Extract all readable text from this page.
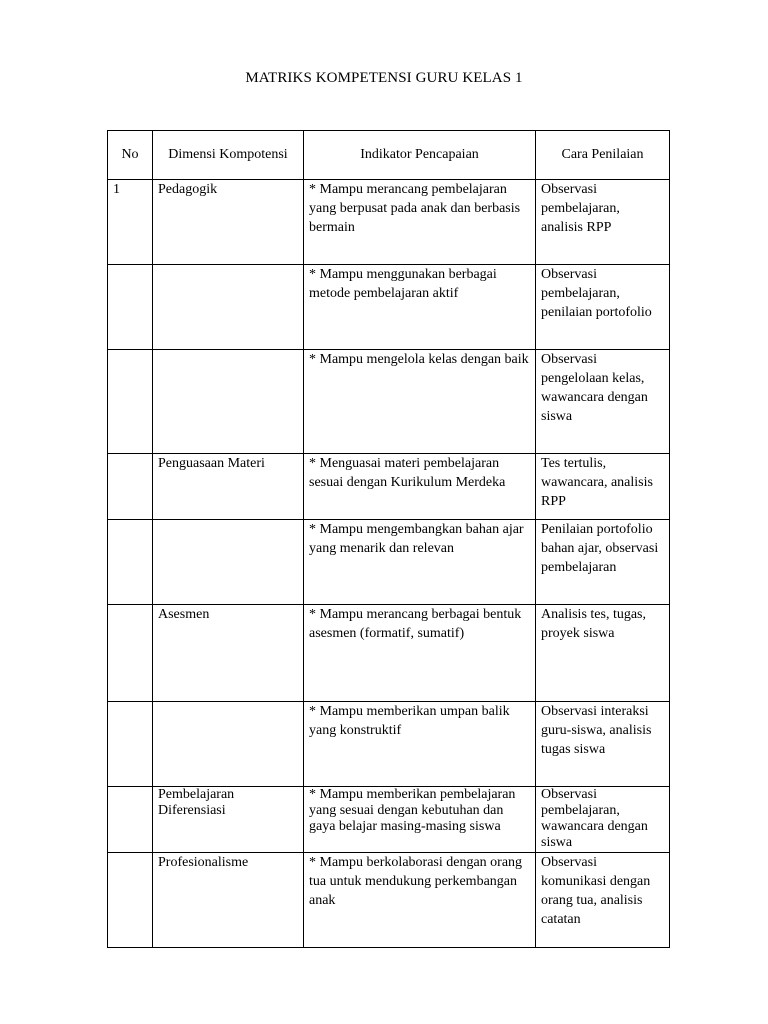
MATRIKS KOMPETENSI GURU KELAS 1
No	Dimensi Kompotensi	Indikator Pencapaian	Cara Penilaian
1	Pedagogik	* Mampu merancang pembelajaran yang berpusat pada anak dan berbasis bermain	Observasi pembelajaran, analisis RPP
		* Mampu menggunakan berbagai metode pembelajaran aktif	Observasi pembelajaran, penilaian portofolio
		* Mampu mengelola kelas dengan baik	Observasi pengelolaan kelas, wawancara dengan siswa
	Penguasaan Materi	* Menguasai materi pembelajaran sesuai dengan Kurikulum Merdeka	Tes tertulis, wawancara, analisis RPP
		* Mampu mengembangkan bahan ajar yang menarik dan relevan	Penilaian portofolio bahan ajar, observasi pembelajaran
	Asesmen	* Mampu merancang berbagai bentuk asesmen (formatif, sumatif)	Analisis tes, tugas, proyek siswa
		* Mampu memberikan umpan balik yang konstruktif	Observasi interaksi guru-siswa, analisis tugas siswa
	Pembelajaran Diferensiasi	* Mampu memberikan pembelajaran yang sesuai dengan kebutuhan dan gaya belajar masing-masing siswa	Observasi pembelajaran, wawancara dengan siswa
	Profesionalisme	* Mampu berkolaborasi dengan orang tua untuk mendukung perkembangan anak	Observasi komunikasi dengan orang tua, analisis catatan
